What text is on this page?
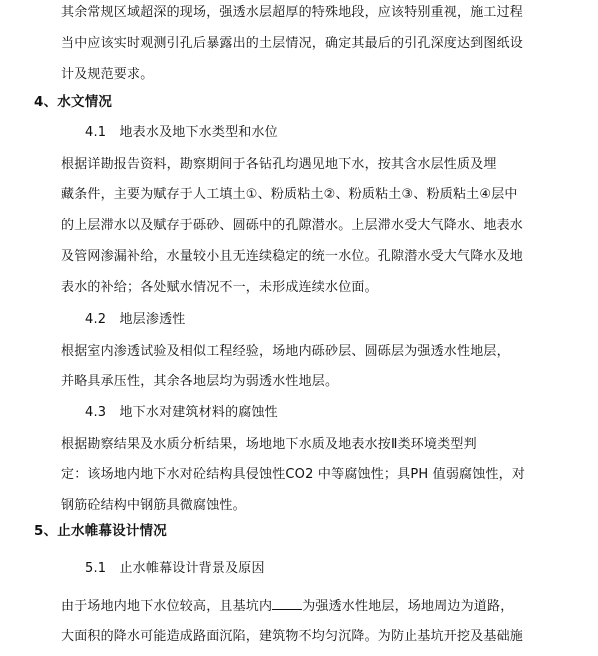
其余常规区域超深的现场，强透水层超厚的特殊地段，应该特别重视，施工过程
当中应该实时观测引孔后暴露出的土层情况，确定其最后的引孔深度达到图纸设
计及规范要求。
4、水文情况
4.1　地表水及地下水类型和水位
根据详勘报告资料，勘察期间于各钻孔均遇见地下水，按其含水层性质及埋
藏条件，主要为赋存于人工填土①、粉质粘土②、粉质粘土③、粉质粘土④层中
的上层滞水以及赋存于砾砂、圆砾中的孔隙潜水。上层滞水受大气降水、地表水
及管网渗漏补给，水量较小且无连续稳定的统一水位。孔隙潜水受大气降水及地
表水的补给；各处赋水情况不一，未形成连续水位面。
4.2　地层渗透性
根据室内渗透试验及相似工程经验，场地内砾砂层、圆砾层为强透水性地层，
并略具承压性，其余各地层均为弱透水性地层。
4.3　地下水对建筑材料的腐蚀性
根据勘察结果及水质分析结果，场地地下水质及地表水按Ⅱ类环境类型判
定：该场地内地下水对砼结构具侵蚀性CO2 中等腐蚀性；具PH 值弱腐蚀性，对
钢筋砼结构中钢筋具微腐蚀性。
5、止水帷幕设计情况
5.1　止水帷幕设计背景及原因
由于场地内地下水位较高，且基坑内 为强透水性地层，场地周边为道路，
大面积的降水可能造成路面沉陷，建筑物不均匀沉降。为防止基坑开挖及基础施
